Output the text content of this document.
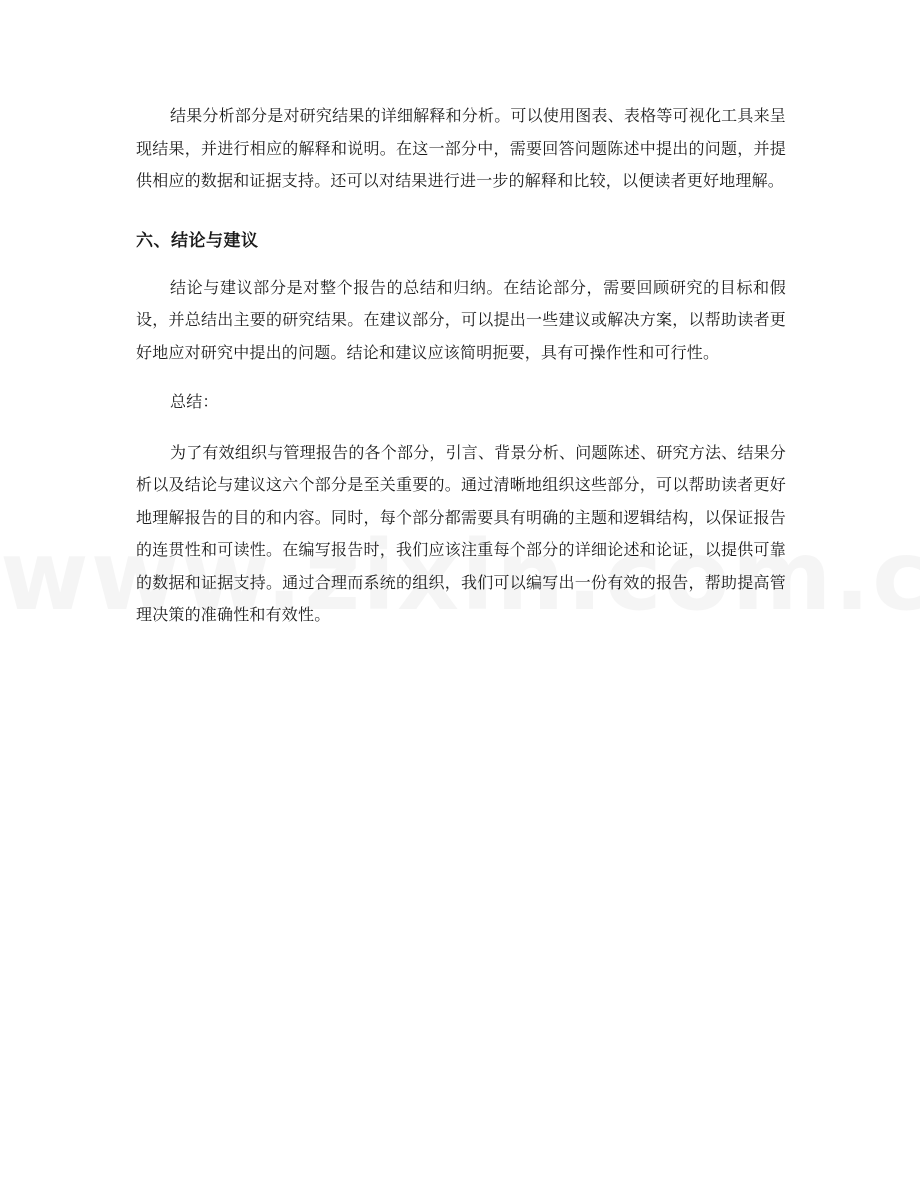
结果分析部分是对研究结果的详细解释和分析。可以使用图表、表格等可视化工具来呈现结果，并进行相应的解释和说明。在这一部分中，需要回答问题陈述中提出的问题，并提供相应的数据和证据支持。还可以对结果进行进一步的解释和比较，以便读者更好地理解。

六、结论与建议

结论与建议部分是对整个报告的总结和归纳。在结论部分，需要回顾研究的目标和假设，并总结出主要的研究结果。在建议部分，可以提出一些建议或解决方案，以帮助读者更好地应对研究中提出的问题。结论和建议应该简明扼要，具有可操作性和可行性。

总结：

为了有效组织与管理报告的各个部分，引言、背景分析、问题陈述、研究方法、结果分析以及结论与建议这六个部分是至关重要的。通过清晰地组织这些部分，可以帮助读者更好地理解报告的目的和内容。同时，每个部分都需要具有明确的主题和逻辑结构，以保证报告的连贯性和可读性。在编写报告时，我们应该注重每个部分的详细论述和论证，以提供可靠的数据和证据支持。通过合理而系统的组织，我们可以编写出一份有效的报告，帮助提高管理决策的准确性和有效性。
